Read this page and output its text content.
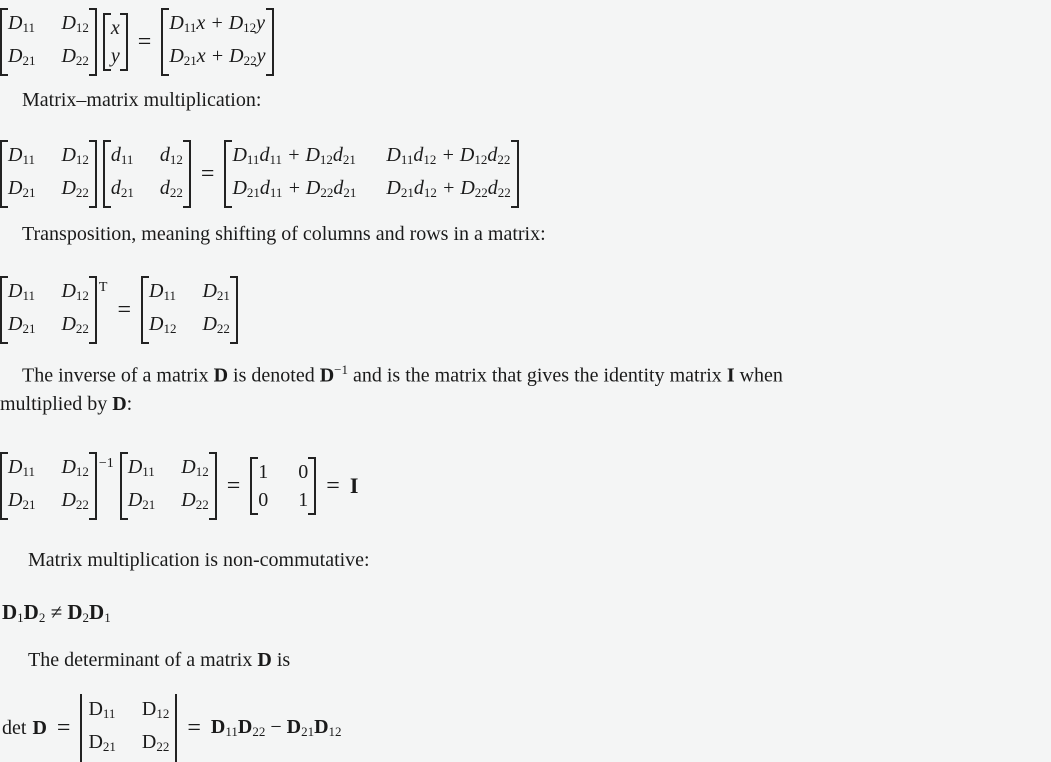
$D_{11}$ $D_{12}$
$D_{21}$ $D_{22}$
x
y
=
$D_{11}x + D_{12}y$
$D_{21}x + D_{22}y$
Matrix–matrix multiplication:
$D_{11}$ $D_{12}$
$D_{21}$ $D_{22}$
$d_{11}$ $d_{12}$
$d_{21}$ $d_{22}$
=
$D_{11}d_{11} + D_{12}d_{21}$ $D_{11}d_{12} + D_{12}d_{22}$
$D_{21}d_{11} + D_{22}d_{21}$ $D_{21}d_{12} + D_{22}d_{22}$
Transposition, meaning shifting of columns and rows in a matrix:
$D_{11}$ $D_{12}$
$D_{21}$ $D_{22}$
T
=
$D_{11}$ $D_{21}$
$D_{12}$ $D_{22}$
The inverse of a matrix D is denoted $D^{-1}$ and is the matrix that gives the identity matrix I when
multiplied by D:
$D_{11}$ $D_{12}$
$D_{21}$ $D_{22}$
−1 $D_{11}$ $D_{12}$
$D_{21}$ $D_{22}$
=
1 0
0 1
= I
Matrix multiplication is non-commutative:
$D_1D_2 \ne D_2D_1$
The determinant of a matrix D is
det D =
$D_{11}$ $D_{12}$
$D_{21}$ $D_{22}$
= $D_{11}D_{22} - D_{21}D_{12}$
